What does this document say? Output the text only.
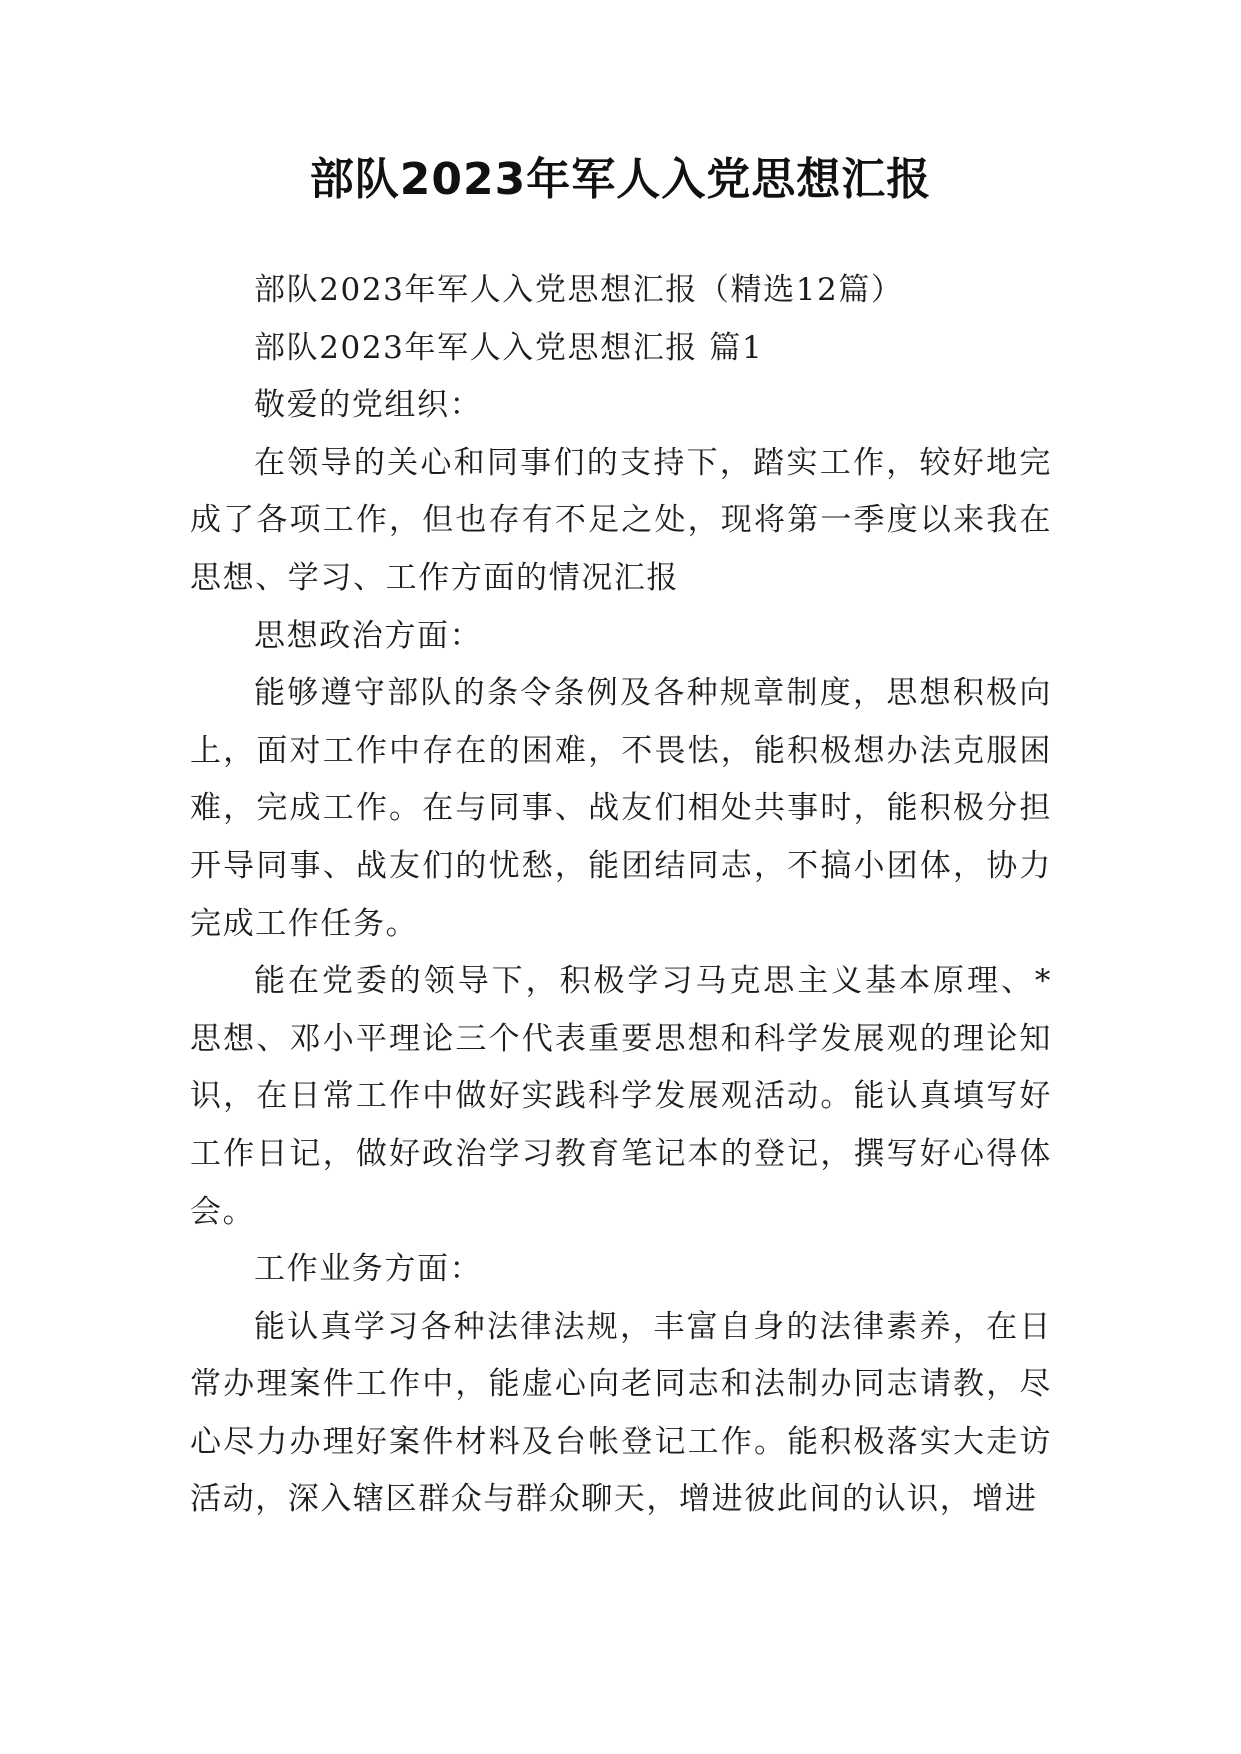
部队2023年军人入党思想汇报

部队2023年军人入党思想汇报（精选12篇）

部队2023年军人入党思想汇报 篇1

敬爱的党组织：

在领导的关心和同事们的支持下，踏实工作，较好地完成了各项工作，但也存有不足之处，现将第一季度以来我在思想、学习、工作方面的情况汇报

思想政治方面：

能够遵守部队的条令条例及各种规章制度，思想积极向上，面对工作中存在的困难，不畏怯，能积极想办法克服困难，完成工作。在与同事、战友们相处共事时，能积极分担开导同事、战友们的忧愁，能团结同志，不搞小团体，协力完成工作任务。

能在党委的领导下，积极学习马克思主义基本原理、*思想、邓小平理论三个代表重要思想和科学发展观的理论知识，在日常工作中做好实践科学发展观活动。能认真填写好工作日记，做好政治学习教育笔记本的登记，撰写好心得体会。

工作业务方面：

能认真学习各种法律法规，丰富自身的法律素养，在日常办理案件工作中，能虚心向老同志和法制办同志请教，尽心尽力办理好案件材料及台帐登记工作。能积极落实大走访活动，深入辖区群众与群众聊天，增进彼此间的认识，增进
